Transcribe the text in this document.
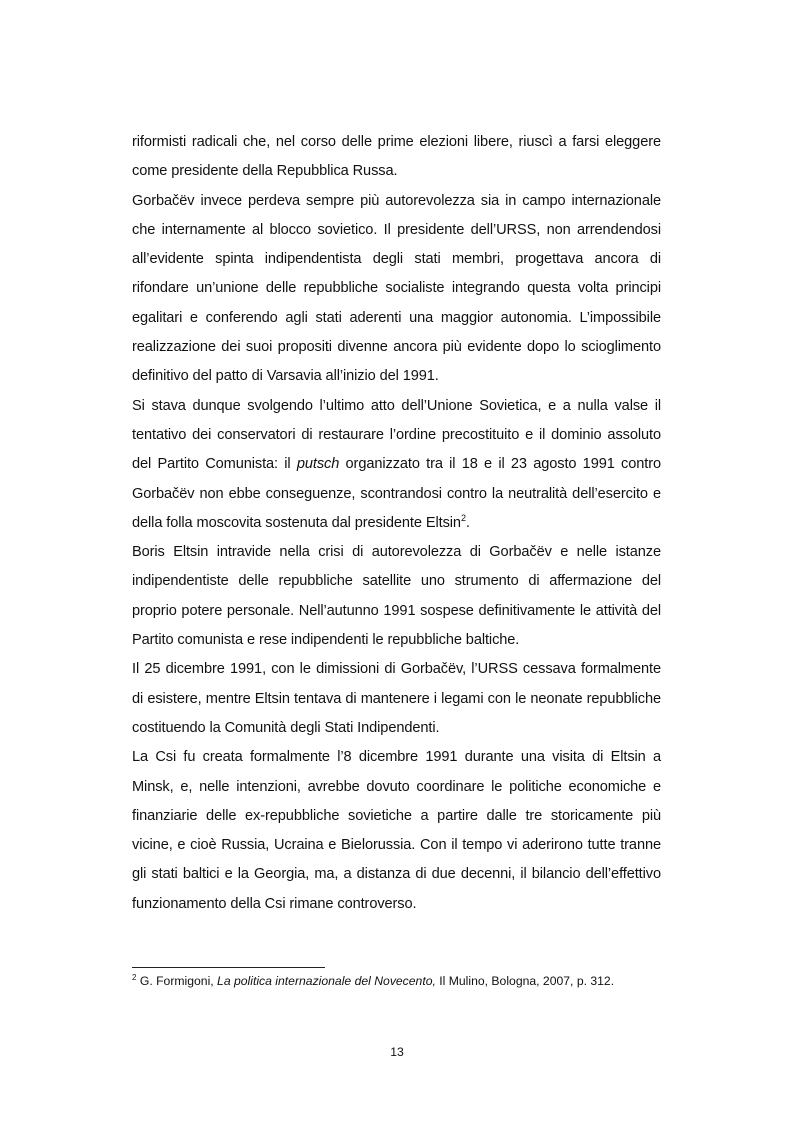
riformisti radicali che, nel corso delle prime elezioni libere, riuscì a farsi eleggere come presidente della Repubblica Russa.

Gorbačëv invece perdeva sempre più autorevolezza sia in campo internazionale che internamente al blocco sovietico. Il presidente dell’URSS, non arrendendosi all’evidente spinta indipendentista degli stati membri, progettava ancora di rifondare un’unione delle repubbliche socialiste integrando questa volta principi egalitari e conferendo agli stati aderenti una maggior autonomia. L’impossibile realizzazione dei suoi propositi divenne ancora più evidente dopo lo scioglimento definitivo del patto di Varsavia all’inizio del 1991.

Si stava dunque svolgendo l’ultimo atto dell’Unione Sovietica, e a nulla valse il tentativo dei conservatori di restaurare l’ordine precostituito e il dominio assoluto del Partito Comunista: il putsch organizzato tra il 18 e il 23 agosto 1991 contro Gorbačëv non ebbe conseguenze, scontrandosi contro la neutralità dell’esercito e della folla moscovita sostenuta dal presidente Eltsin$^2$.

Boris Eltsin intravide nella crisi di autorevolezza di Gorbačëv e nelle istanze indipendentiste delle repubbliche satellite uno strumento di affermazione del proprio potere personale. Nell’autunno 1991 sospese definitivamente le attività del Partito comunista e rese indipendenti le repubbliche baltiche.

Il 25 dicembre 1991, con le dimissioni di Gorbačëv, l’URSS cessava formalmente di esistere, mentre Eltsin tentava di mantenere i legami con le neonate repubbliche costituendo la Comunità degli Stati Indipendenti.

La Csi fu creata formalmente l’8 dicembre 1991 durante una visita di Eltsin a Minsk, e, nelle intenzioni, avrebbe dovuto coordinare le politiche economiche e finanziarie delle ex-repubbliche sovietiche a partire dalle tre storicamente più vicine, e cioè Russia, Ucraina e Bielorussia. Con il tempo vi aderirono tutte tranne gli stati baltici e la Georgia, ma, a distanza di due decenni, il bilancio dell’effettivo funzionamento della Csi rimane controverso.

$^2$ G. Formigoni, La politica internazionale del Novecento, Il Mulino, Bologna, 2007, p. 312.
13
